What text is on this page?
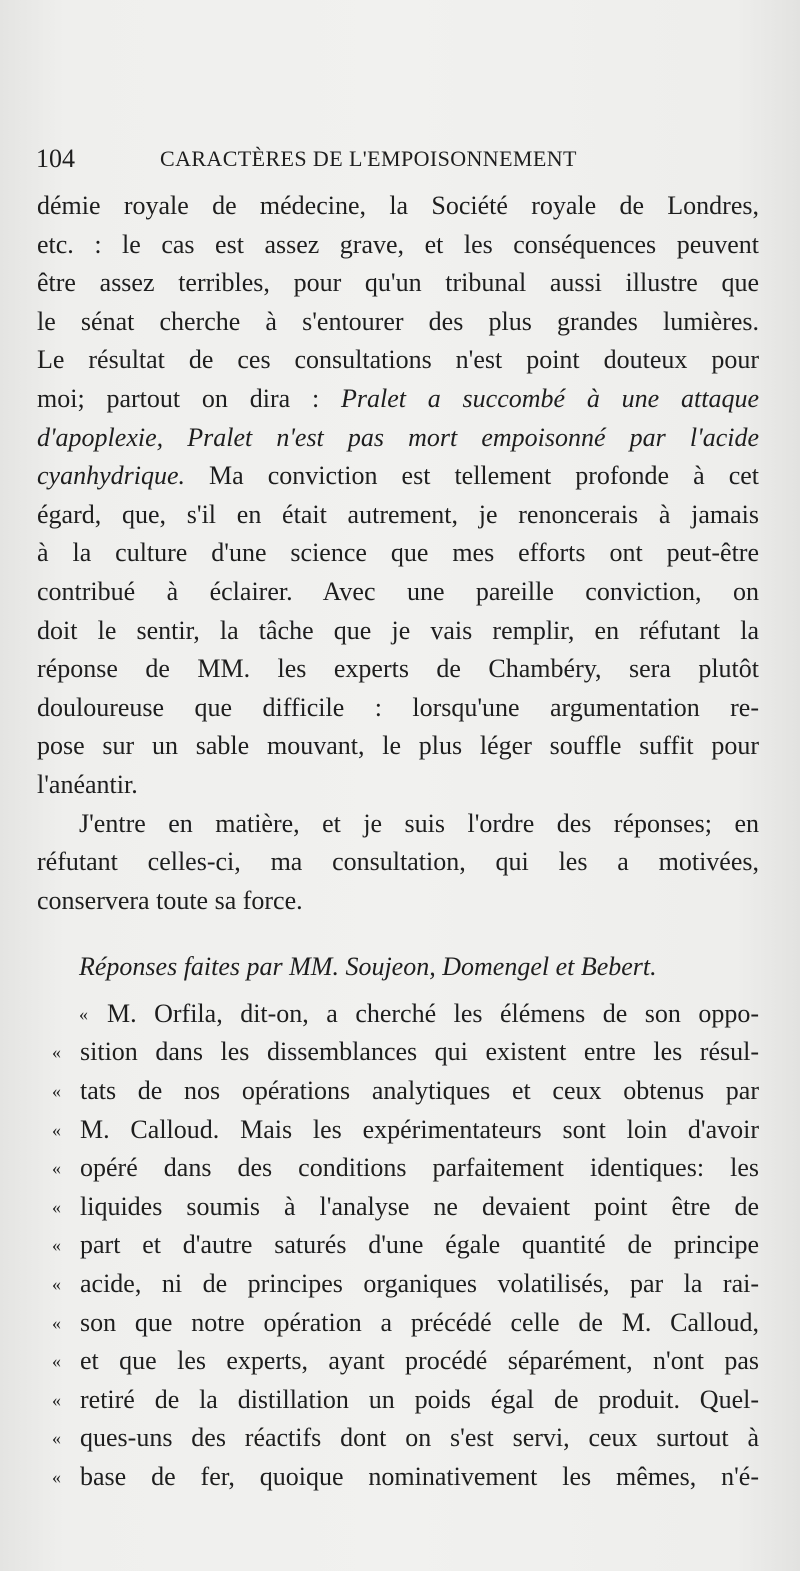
104	CARACTÈRES DE L'EMPOISONNEMENT
démie royale de médecine, la Société royale de Londres,
etc. : le cas est assez grave, et les conséquences peuvent
être assez terribles, pour qu'un tribunal aussi illustre que
le sénat cherche à s'entourer des plus grandes lumières.
Le résultat de ces consultations n'est point douteux pour
moi; partout on dira : Pralet a succombé à une attaque
d'apoplexie, Pralet n'est pas mort empoisonné par l'acide
cyanhydrique. Ma conviction est tellement profonde à cet
égard, que, s'il en était autrement, je renoncerais à jamais
à la culture d'une science que mes efforts ont peut-être
contribué à éclairer. Avec une pareille conviction, on
doit le sentir, la tâche que je vais remplir, en réfutant la
réponse de MM. les experts de Chambéry, sera plutôt
douloureuse que difficile : lorsqu'une argumentation re-
pose sur un sable mouvant, le plus léger souffle suffit pour
l'anéantir.
J'entre en matière, et je suis l'ordre des réponses; en
réfutant celles-ci, ma consultation, qui les a motivées,
conservera toute sa force.
Réponses faites par MM. Soujeon, Domengel et Bebert.
« M. Orfila, dit-on, a cherché les élémens de son oppo-
« sition dans les dissemblances qui existent entre les résul-
« tats de nos opérations analytiques et ceux obtenus par
« M. Calloud. Mais les expérimentateurs sont loin d'avoir
« opéré dans des conditions parfaitement identiques: les
« liquides soumis à l'analyse ne devaient point être de
« part et d'autre saturés d'une égale quantité de principe
« acide, ni de principes organiques volatilisés, par la rai-
« son que notre opération a précédé celle de M. Calloud,
« et que les experts, ayant procédé séparément, n'ont pas
« retiré de la distillation un poids égal de produit. Quel-
« ques-uns des réactifs dont on s'est servi, ceux surtout à
« base de fer, quoique nominativement les mêmes, n'é-
